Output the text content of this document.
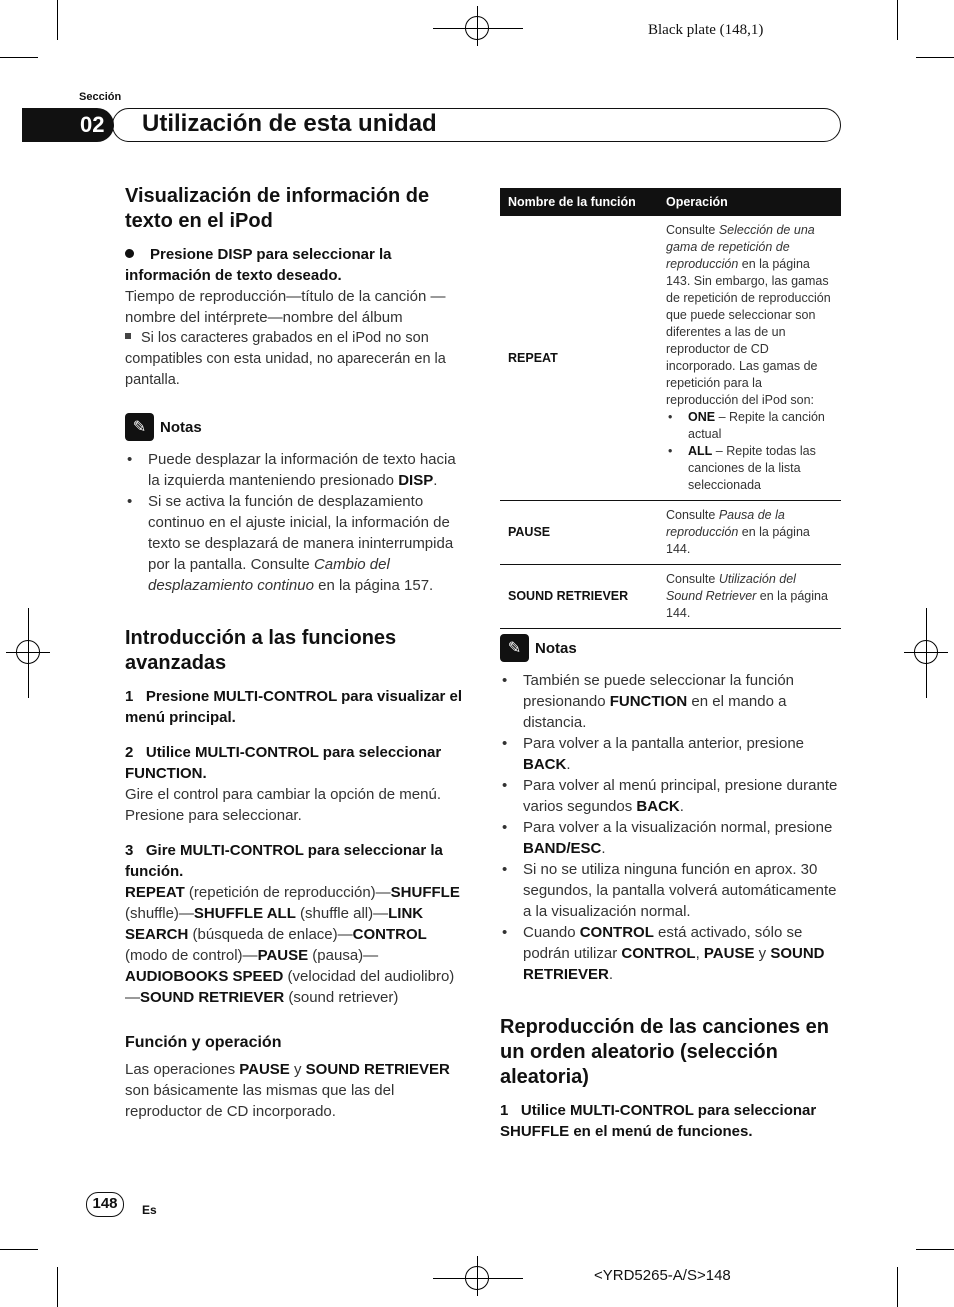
Black plate (148,1)
Sección
02 Utilización de esta unidad
Visualización de información de texto en el iPod

Presione DISP para seleccionar la información de texto deseado.

Tiempo de reproducción—título de la canción —nombre del intérprete—nombre del álbum

Si los caracteres grabados en el iPod no son compatibles con esta unidad, no aparecerán en la pantalla.

✎ Notas
• Puede desplazar la información de texto hacia la izquierda manteniendo presionado DISP.
• Si se activa la función de desplazamiento continuo en el ajuste inicial, la información de texto se desplazará de manera ininterrumpida por la pantalla. Consulte Cambio del desplazamiento continuo en la página 157.
Introducción a las funciones avanzadas

1 Presione MULTI-CONTROL para visualizar el menú principal.

2 Utilice MULTI-CONTROL para seleccionar FUNCTION.

Gire el control para cambiar la opción de menú. Presione para seleccionar.

3 Gire MULTI-CONTROL para seleccionar la función.

REPEAT (repetición de reproducción)—SHUFFLE (shuffle)—SHUFFLE ALL (shuffle all)—LINK SEARCH (búsqueda de enlace)—CONTROL (modo de control)—PAUSE (pausa)—AUDIOBOOKS SPEED (velocidad del audiolibro)—SOUND RETRIEVER (sound retriever)

Función y operación

Las operaciones PAUSE y SOUND RETRIEVER son básicamente las mismas que las del reproductor de CD incorporado.

Nombre de la función	Operación
REPEAT	Consulte Selección de una gama de repetición de reproducción en la página 143. Sin embargo, las gamas de repetición de reproducción que puede seleccionar son diferentes a las de un reproductor de CD incorporado. Las gamas de repetición para la reproducción del iPod son:
• ONE – Repite la canción actual
• ALL – Repite todas las canciones de la lista seleccionada

PAUSE	Consulte Pausa de la reproducción en la página 144.
SOUND RETRIEVER	Consulte Utilización del Sound Retriever en la página 144.
✎ Notas
• También se puede seleccionar la función presionando FUNCTION en el mando a distancia.
• Para volver a la pantalla anterior, presione BACK.
• Para volver al menú principal, presione durante varios segundos BACK.
• Para volver a la visualización normal, presione BAND/ESC.
• Si no se utiliza ninguna función en aprox. 30 segundos, la pantalla volverá automáticamente a la visualización normal.
• Cuando CONTROL está activado, sólo se podrán utilizar CONTROL, PAUSE y SOUND RETRIEVER.
Reproducción de las canciones en un orden aleatorio (selección aleatoria)

1 Utilice MULTI-CONTROL para seleccionar SHUFFLE en el menú de funciones.

148	Es
<YRD5265-A/S>148
